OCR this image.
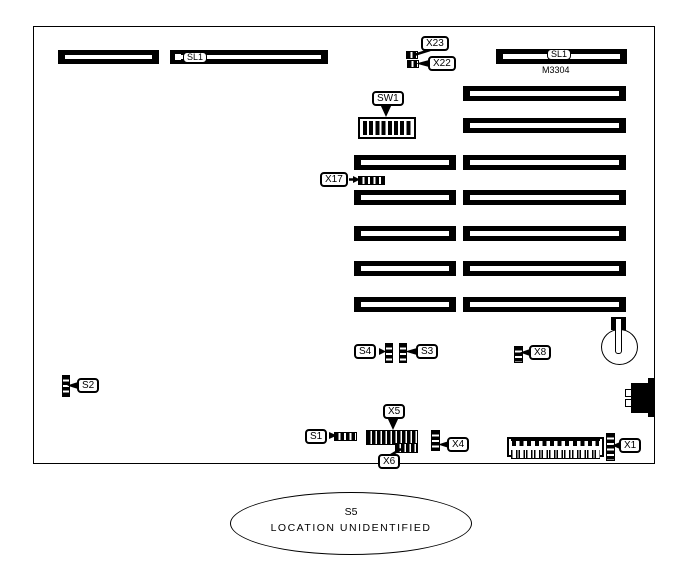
SL1	SL1
X23
X22
SW1
X17
S4	S3	X8
S2
S1
X5
X6
X4	X1
M3304
S5
LOCATION UNIDENTIFIED
